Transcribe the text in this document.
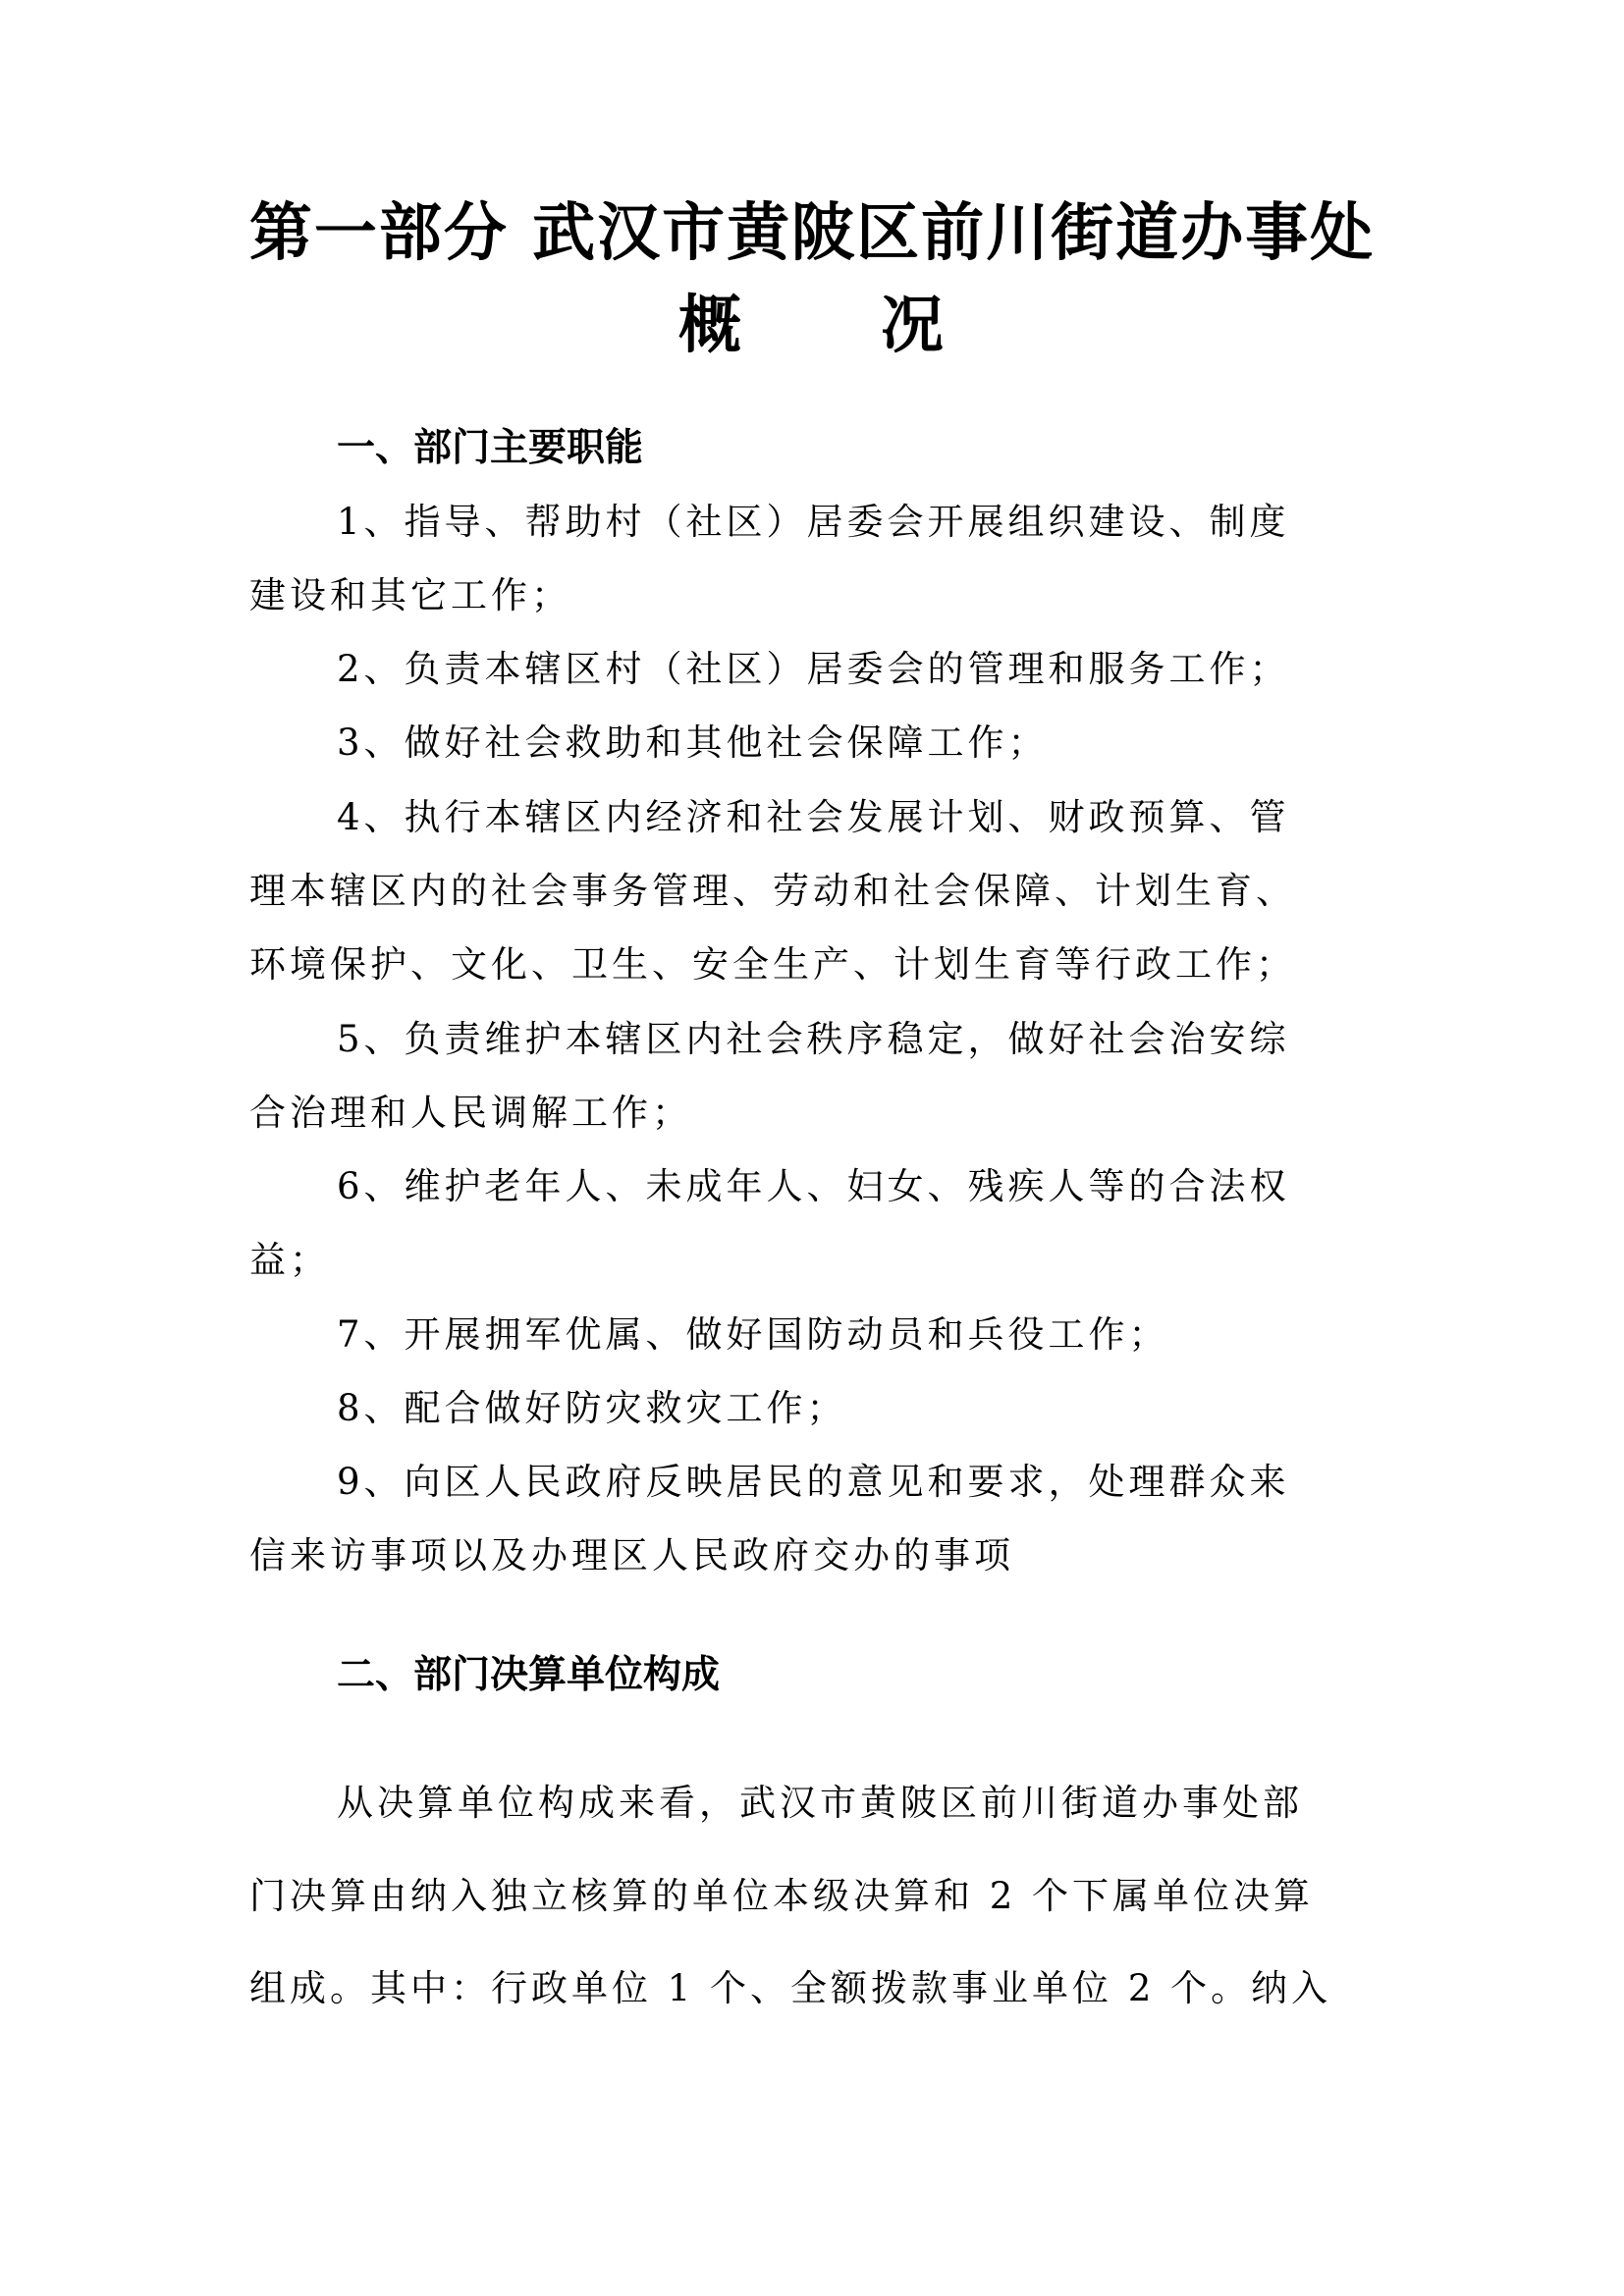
第一部分 武汉市黄陂区前川街道办事处
概 况
一、部门主要职能
1、指导、帮助村（社区）居委会开展组织建设、制度
建设和其它工作；
2、负责本辖区村（社区）居委会的管理和服务工作；
3、做好社会救助和其他社会保障工作；
4、执行本辖区内经济和社会发展计划、财政预算、管
理本辖区内的社会事务管理、劳动和社会保障、计划生育、
环境保护、文化、卫生、安全生产、计划生育等行政工作；
5、负责维护本辖区内社会秩序稳定，做好社会治安综
合治理和人民调解工作；
6、维护老年人、未成年人、妇女、残疾人等的合法权
益；
7、开展拥军优属、做好国防动员和兵役工作；
8、配合做好防灾救灾工作；
9、向区人民政府反映居民的意见和要求，处理群众来
信来访事项以及办理区人民政府交办的事项
二、部门决算单位构成
从决算单位构成来看，武汉市黄陂区前川街道办事处部
门决算由纳入独立核算的单位本级决算和 2 个下属单位决算
组成。其中：行政单位 1 个、全额拨款事业单位 2 个。纳入
